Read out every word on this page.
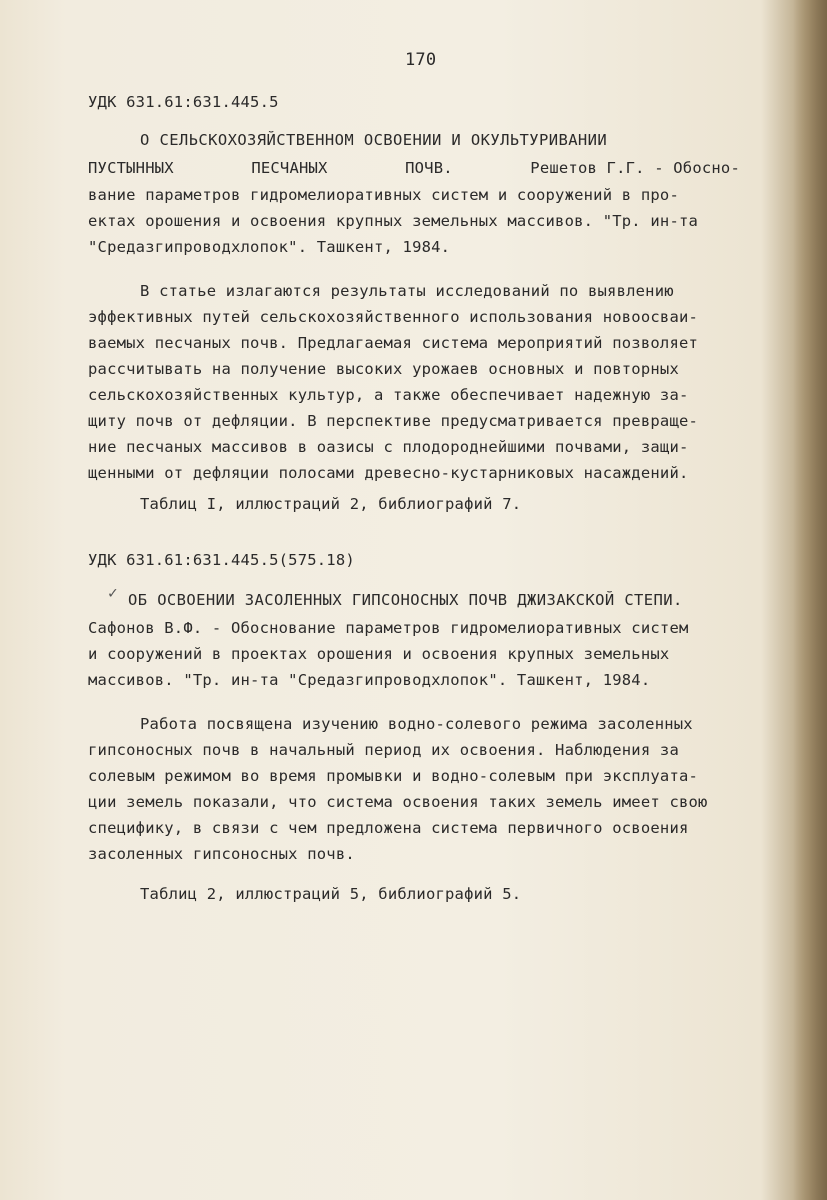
170
УДК 631.61:631.445.5
О СЕЛЬСКОХОЗЯЙСТВЕННОМ ОСВОЕНИИ И ОКУЛЬТУРИВАНИИ
ПУСТЫННЫХ	ПЕСЧАНЫХ	ПОЧВ.	Решетов Г.Г. - Обосно-
вание параметров гидромелиоративных систем и сооружений в про-
ектах орошения и освоения крупных земельных массивов. "Тр. ин-та
"Средазгипроводхлопок". Ташкент, 1984.
В статье излагаются результаты исследований по выявлению
эффективных путей сельскохозяйственного использования новоосваи-
ваемых песчаных почв. Предлагаемая система мероприятий позволяет
рассчитывать на получение высоких урожаев основных и повторных
сельскохозяйственных культур, а также обеспечивает надежную за-
щиту почв от дефляции. В перспективе предусматривается превраще-
ние песчаных массивов в оазисы с плодороднейшими почвами, защи-
щенными от дефляции полосами древесно-кустарниковых насаждений.
Таблиц I, иллюстраций 2, библиографий 7.
УДК 631.61:631.445.5(575.18)
✓ ОБ ОСВОЕНИИ ЗАСОЛЕННЫХ ГИПСОНОСНЫХ ПОЧВ ДЖИЗАКСКОЙ СТЕПИ.
Сафонов В.Ф. - Обоснование параметров гидромелиоративных систем
и сооружений в проектах орошения и освоения крупных земельных
массивов. "Тр. ин-та "Средазгипроводхлопок". Ташкент, 1984.
Работа посвящена изучению водно-солевого режима засоленных
гипсоносных почв в начальный период их освоения. Наблюдения за
солевым режимом во время промывки и водно-солевым при эксплуата-
ции земель показали, что система освоения таких земель имеет свою
специфику, в связи с чем предложена система первичного освоения
засоленных гипсоносных почв.
Таблиц 2, иллюстраций 5, библиографий 5.
